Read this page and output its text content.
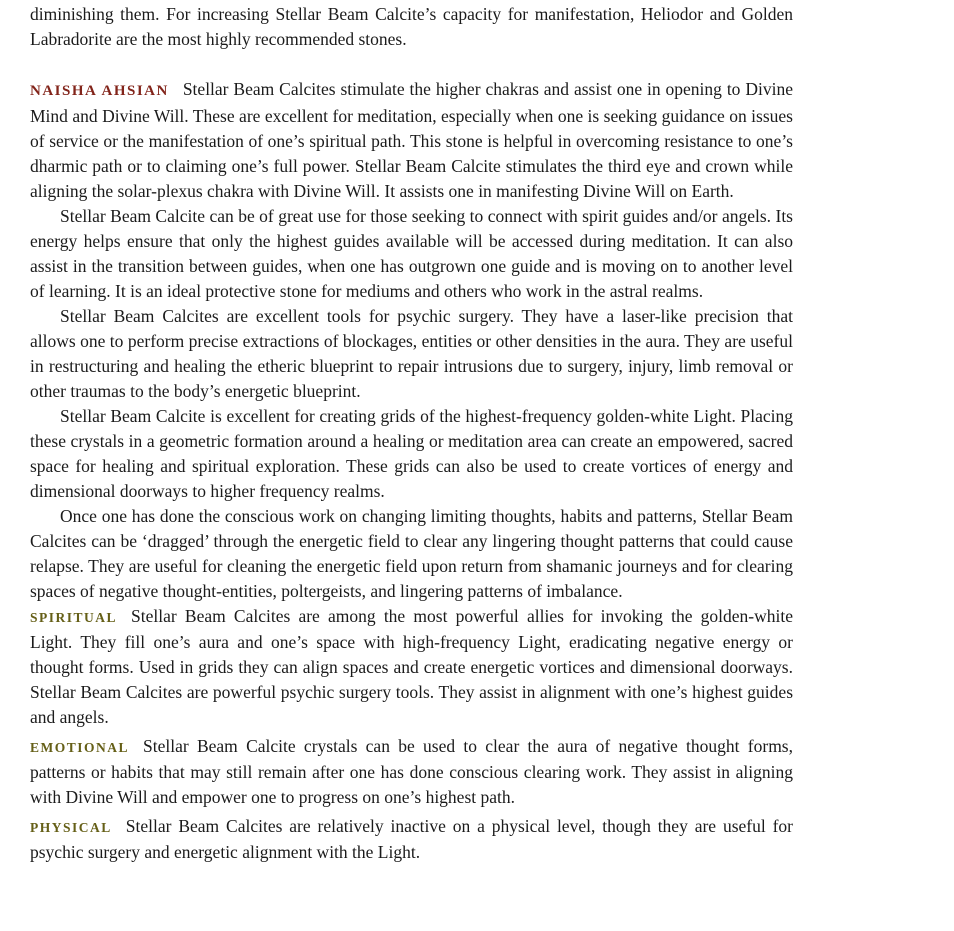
diminishing them. For increasing Stellar Beam Calcite’s capacity for manifestation, Heliodor and Golden Labradorite are the most highly recommended stones.

NAISHA AHSIAN Stellar Beam Calcites stimulate the higher chakras and assist one in opening to Divine Mind and Divine Will. These are excellent for meditation, especially when one is seeking guidance on issues of service or the manifestation of one’s spiritual path. This stone is helpful in overcoming resistance to one’s dharmic path or to claiming one’s full power. Stellar Beam Calcite stimulates the third eye and crown while aligning the solar-plexus chakra with Divine Will. It assists one in manifesting Divine Will on Earth.

Stellar Beam Calcite can be of great use for those seeking to connect with spirit guides and/or angels. Its energy helps ensure that only the highest guides available will be accessed during meditation. It can also assist in the transition between guides, when one has outgrown one guide and is moving on to another level of learning. It is an ideal protective stone for mediums and others who work in the astral realms.

Stellar Beam Calcites are excellent tools for psychic surgery. They have a laser-like precision that allows one to perform precise extractions of blockages, entities or other densities in the aura. They are useful in restructuring and healing the etheric blueprint to repair intrusions due to surgery, injury, limb removal or other traumas to the body’s energetic blueprint.

Stellar Beam Calcite is excellent for creating grids of the highest-frequency golden-white Light. Placing these crystals in a geometric formation around a healing or meditation area can create an empowered, sacred space for healing and spiritual exploration. These grids can also be used to create vortices of energy and dimensional doorways to higher frequency realms.

Once one has done the conscious work on changing limiting thoughts, habits and patterns, Stellar Beam Calcites can be ‘dragged’ through the energetic field to clear any lingering thought patterns that could cause relapse. They are useful for cleaning the energetic field upon return from shamanic journeys and for clearing spaces of negative thought-entities, poltergeists, and lingering patterns of imbalance.

SPIRITUAL Stellar Beam Calcites are among the most powerful allies for invoking the golden-white Light. They fill one’s aura and one’s space with high-frequency Light, eradicating negative energy or thought forms. Used in grids they can align spaces and create energetic vortices and dimensional doorways. Stellar Beam Calcites are powerful psychic surgery tools. They assist in alignment with one’s highest guides and angels.

EMOTIONAL Stellar Beam Calcite crystals can be used to clear the aura of negative thought forms, patterns or habits that may still remain after one has done conscious clearing work. They assist in aligning with Divine Will and empower one to progress on one’s highest path.

PHYSICAL Stellar Beam Calcites are relatively inactive on a physical level, though they are useful for psychic surgery and energetic alignment with the Light.
